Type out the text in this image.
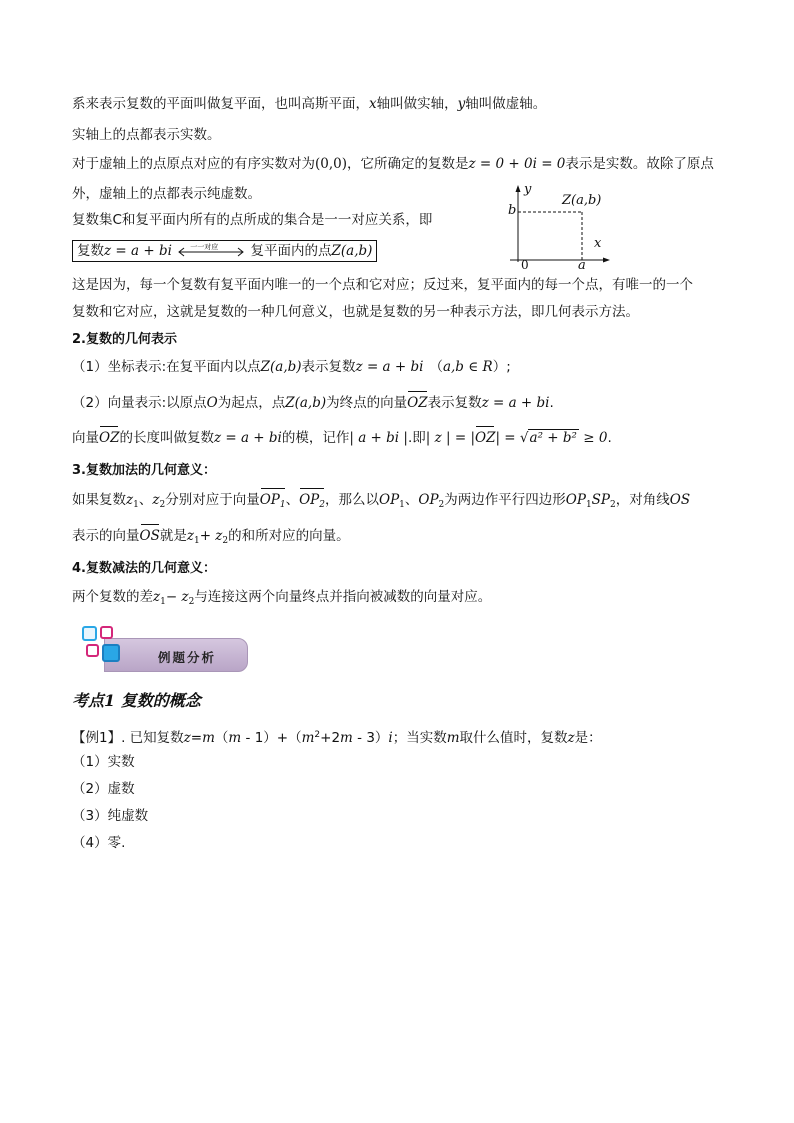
系来表示复数的平面叫做复平面，也叫高斯平面，x轴叫做实轴，y轴叫做虚轴。
实轴上的点都表示实数。
对于虚轴上的点原点对应的有序实数对为(0,0)，它所确定的复数是z = 0 + 0i = 0表示是实数。故除了原点
外，虚轴上的点都表示纯虚数。
复数集C和复平面内所有的点所成的集合是一一对应关系，即
复数z = a + bi	一一对应 复平面内的点Z(a,b)
y
x
b
a
0
Z(a,b)
这是因为，每一个复数有复平面内唯一的一个点和它对应；反过来，复平面内的每一个点，有唯一的一个
复数和它对应，这就是复数的一种几何意义，也就是复数的另一种表示方法，即几何表示方法。
2.复数的几何表示
（1）坐标表示:在复平面内以点Z(a,b)表示复数z = a + bi （a,b ∈ R）;
（2）向量表示:以原点O为起点，点Z(a,b)为终点的向量OZ表示复数z = a + bi.
向量OZ的长度叫做复数z = a + bi的模，记作| a + bi |.即| z | = |OZ| = √a² + b² ≥ 0.
3.复数加法的几何意义：
如果复数$z_1$、$z_2$分别对应于向量$OP_1$、$OP_2$，那么以$OP_1$、$OP_2$为两边作平行四边形$OP_1SP_2$，对角线OS
表示的向量OS就是$z_1+ z_2$的和所对应的向量。
4.复数减法的几何意义：
两个复数的差$z_1- z_2$与连接这两个向量终点并指向被减数的向量对应。
例题分析
考点1 复数的概念
【例1】. 已知复数$z=m(m - 1)+(m^2+2m - 3)i$；当实数m取什么值时，复数z是：
（1）实数
（2）虚数
（3）纯虚数
（4）零.
